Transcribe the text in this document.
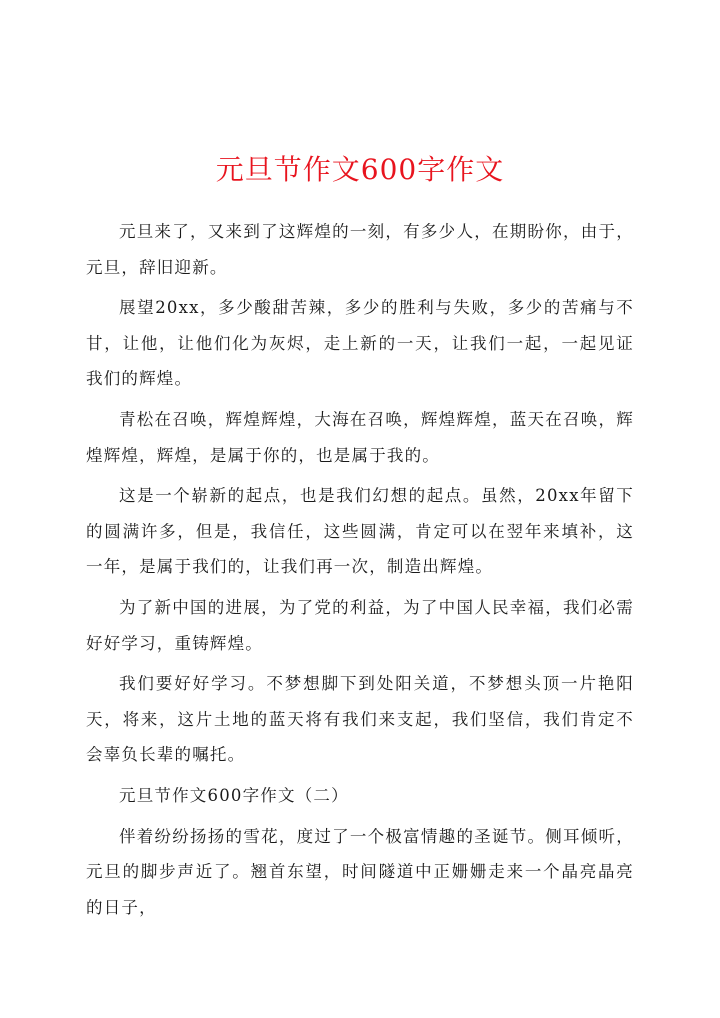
元旦节作文600字作文

元旦来了，又来到了这辉煌的一刻，有多少人，在期盼你，由于，元旦，辞旧迎新。

展望20xx，多少酸甜苦辣，多少的胜利与失败，多少的苦痛与不甘，让他，让他们化为灰烬，走上新的一天，让我们一起，一起见证我们的辉煌。

青松在召唤，辉煌辉煌，大海在召唤，辉煌辉煌，蓝天在召唤，辉煌辉煌，辉煌，是属于你的，也是属于我的。

这是一个崭新的起点，也是我们幻想的起点。虽然，20xx年留下的圆满许多，但是，我信任，这些圆满，肯定可以在翌年来填补，这一年，是属于我们的，让我们再一次，制造出辉煌。

为了新中国的进展，为了党的利益，为了中国人民幸福，我们必需好好学习，重铸辉煌。

我们要好好学习。不梦想脚下到处阳关道，不梦想头顶一片艳阳天，将来，这片土地的蓝天将有我们来支起，我们坚信，我们肯定不会辜负长辈的嘱托。

元旦节作文600字作文（二）

伴着纷纷扬扬的雪花，度过了一个极富情趣的圣诞节。侧耳倾听，元旦的脚步声近了。翘首东望，时间隧道中正姗姗走来一个晶亮晶亮的日子，
